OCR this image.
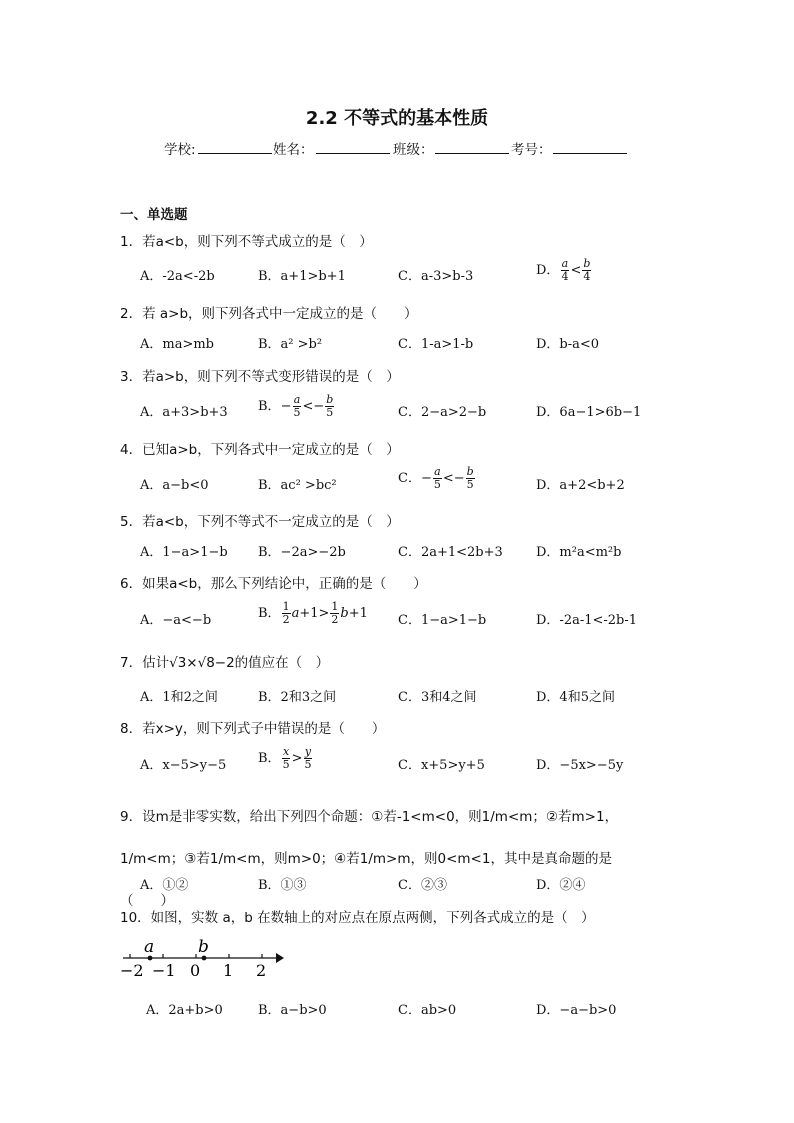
2.2 不等式的基本性质
学校:	姓名：	班级：	考号：
一、单选题
1．若a<b，则下列不等式成立的是（　）
A．-2a<-2b	B．a+1>b+1	C．a-3>b-3	D． $\frac{a}{4} < \frac{b}{4}$
2．若 a>b，则下列各式中一定成立的是（　　）
A．ma>mb	B．a² >b²	C．1-a>1-b	D．b-a<0
3．若a>b，则下列不等式变形错误的是（　）
A．a+3>b+3 B．− $\frac{a}{5} <- \frac{b}{5}$	C．2−a>2−b	D．6a−1>6b−1
4．已知a>b，下列各式中一定成立的是（　）
A．a−b<0	B．ac² >bc²	C．− $\frac{a}{5} <- \frac{b}{5}$	D．a+2<b+2
5．若a<b，下列不等式不一定成立的是（　）
A．1−a>1−b B．−2a>−2b	C．2a+1<2b+3	D．m²a<m²b
6．如果a<b，那么下列结论中，正确的是（　　）
A．−a<−b	B． $\frac{1}{2} a+1> \frac{1}{2} b+1$ C．1−a>1−b	D．-2a-1<-2b-1
7．估计√3×√8−2的值应在（　）
A．1和2之间	B．2和3之间	C．3和4之间	D．4和5之间
8．若x>y，则下列式子中错误的是（　　）
A．x−5>y−5 B． $\frac{x}{5} > \frac{y}{5}$	C．x+5>y+5	D．−5x>−5y
9．设m是非零实数，给出下列四个命题：①若-1<m<0，则1/m<m；②若m>1，1/m<m；③若1/m<m，则m>0；④若1/m>m，则0<m<1，其中是真命题的是（　　）
A．①②	B．①③	C．②③	D．②④
10．如图，实数 a，b 在数轴上的对应点在原点两侧，下列各式成立的是（　）
a	b
−2 −1 0 1 2
A．2a+b>0	B．a−b>0	C．ab>0	D．−a−b>0
